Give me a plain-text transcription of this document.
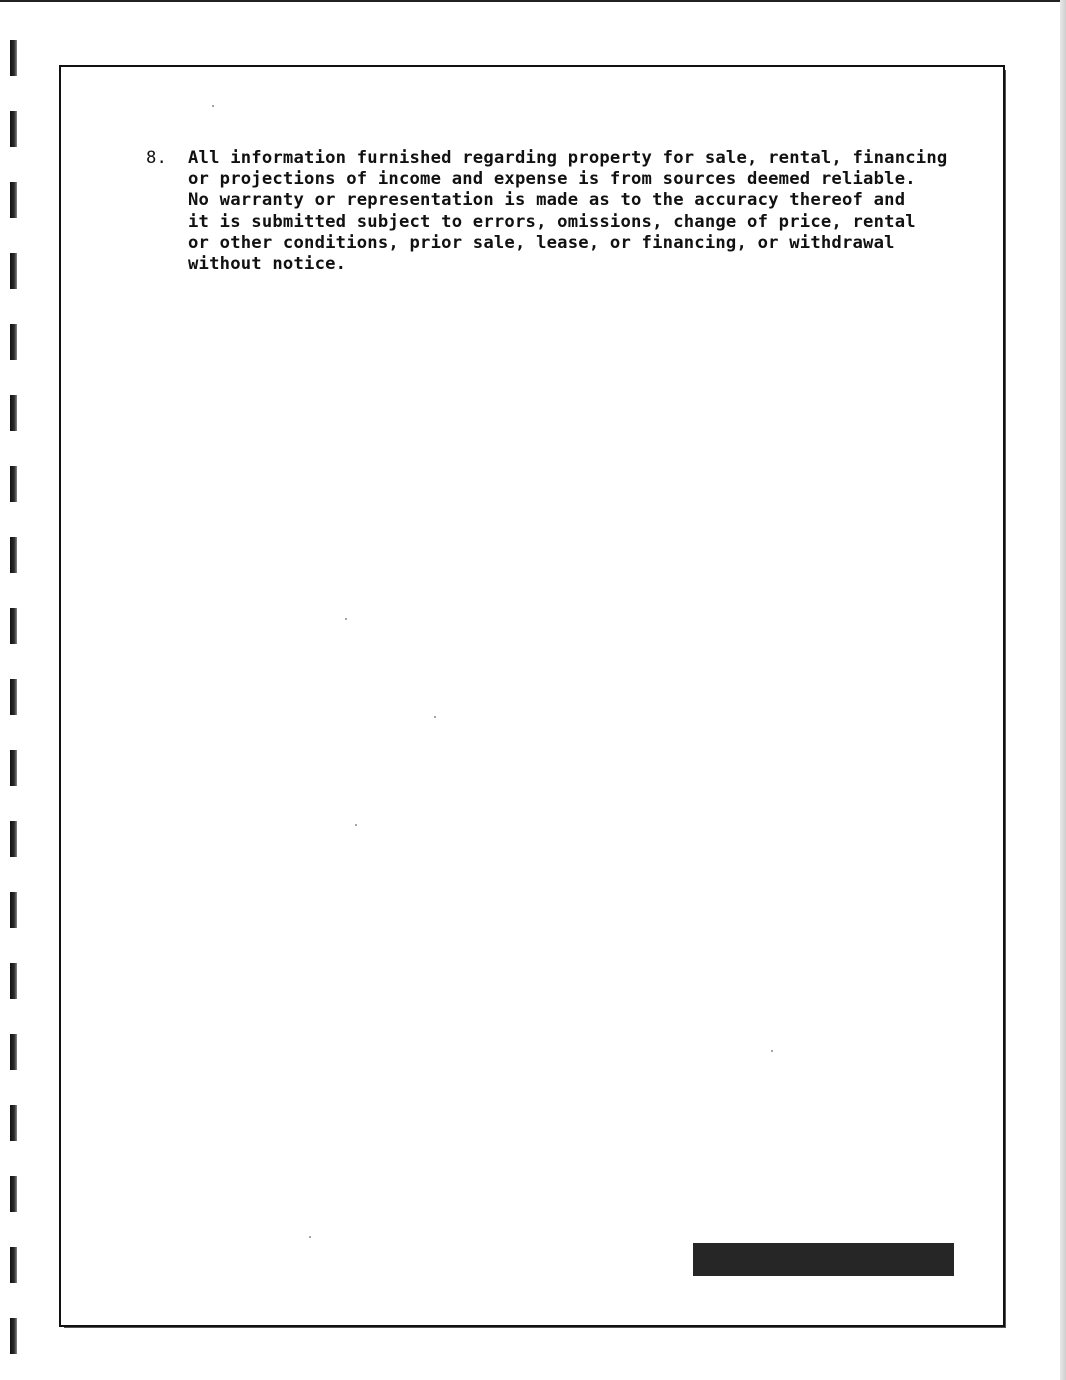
8.	All information furnished regarding property for sale, rental, financing
or projections of income and expense is from sources deemed reliable.
No warranty or representation is made as to the accuracy thereof and
it is submitted subject to errors, omissions, change of price, rental
or other conditions, prior sale, lease, or financing, or withdrawal
without notice.
